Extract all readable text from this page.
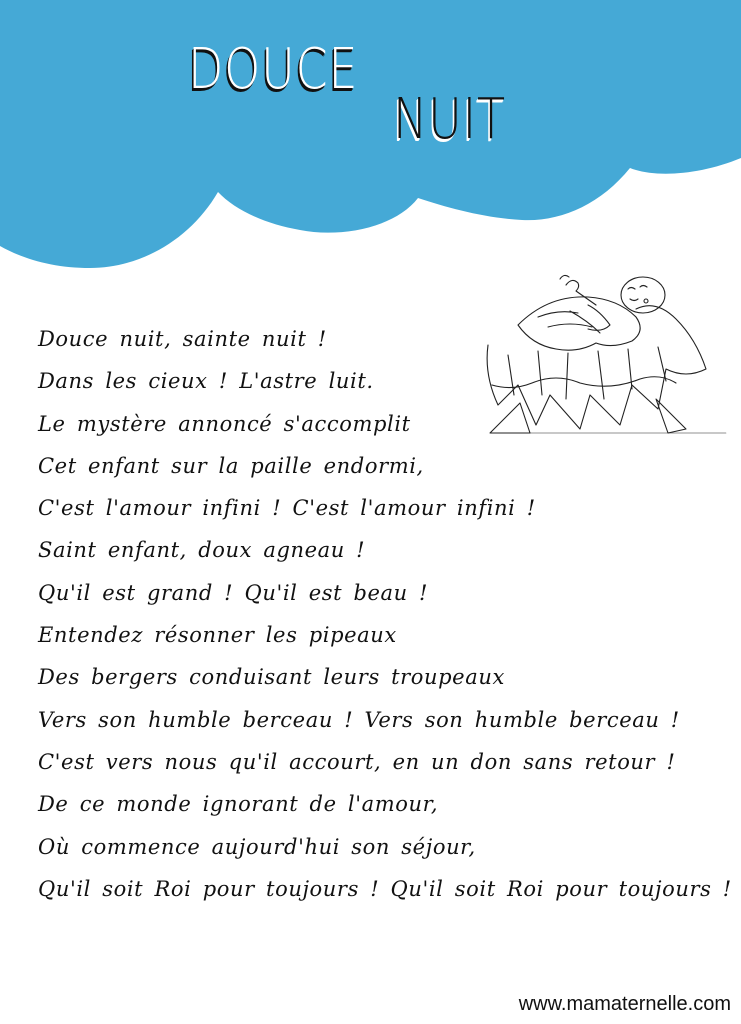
DOUCE
NUIT
Douce nuit, sainte nuit !
Dans les cieux ! L'astre luit.
Le mystère annoncé s'accomplit
Cet enfant sur la paille endormi,
C'est l'amour infini ! C'est l'amour infini !
Saint enfant, doux agneau !
Qu'il est grand ! Qu'il est beau !
Entendez résonner les pipeaux
Des bergers conduisant leurs troupeaux
Vers son humble berceau ! Vers son humble berceau !
C'est vers nous qu'il accourt, en un don sans retour !
De ce monde ignorant de l'amour,
Où commence aujourd'hui son séjour,
Qu'il soit Roi pour toujours ! Qu'il soit Roi pour toujours !
www.mamaternelle.com
